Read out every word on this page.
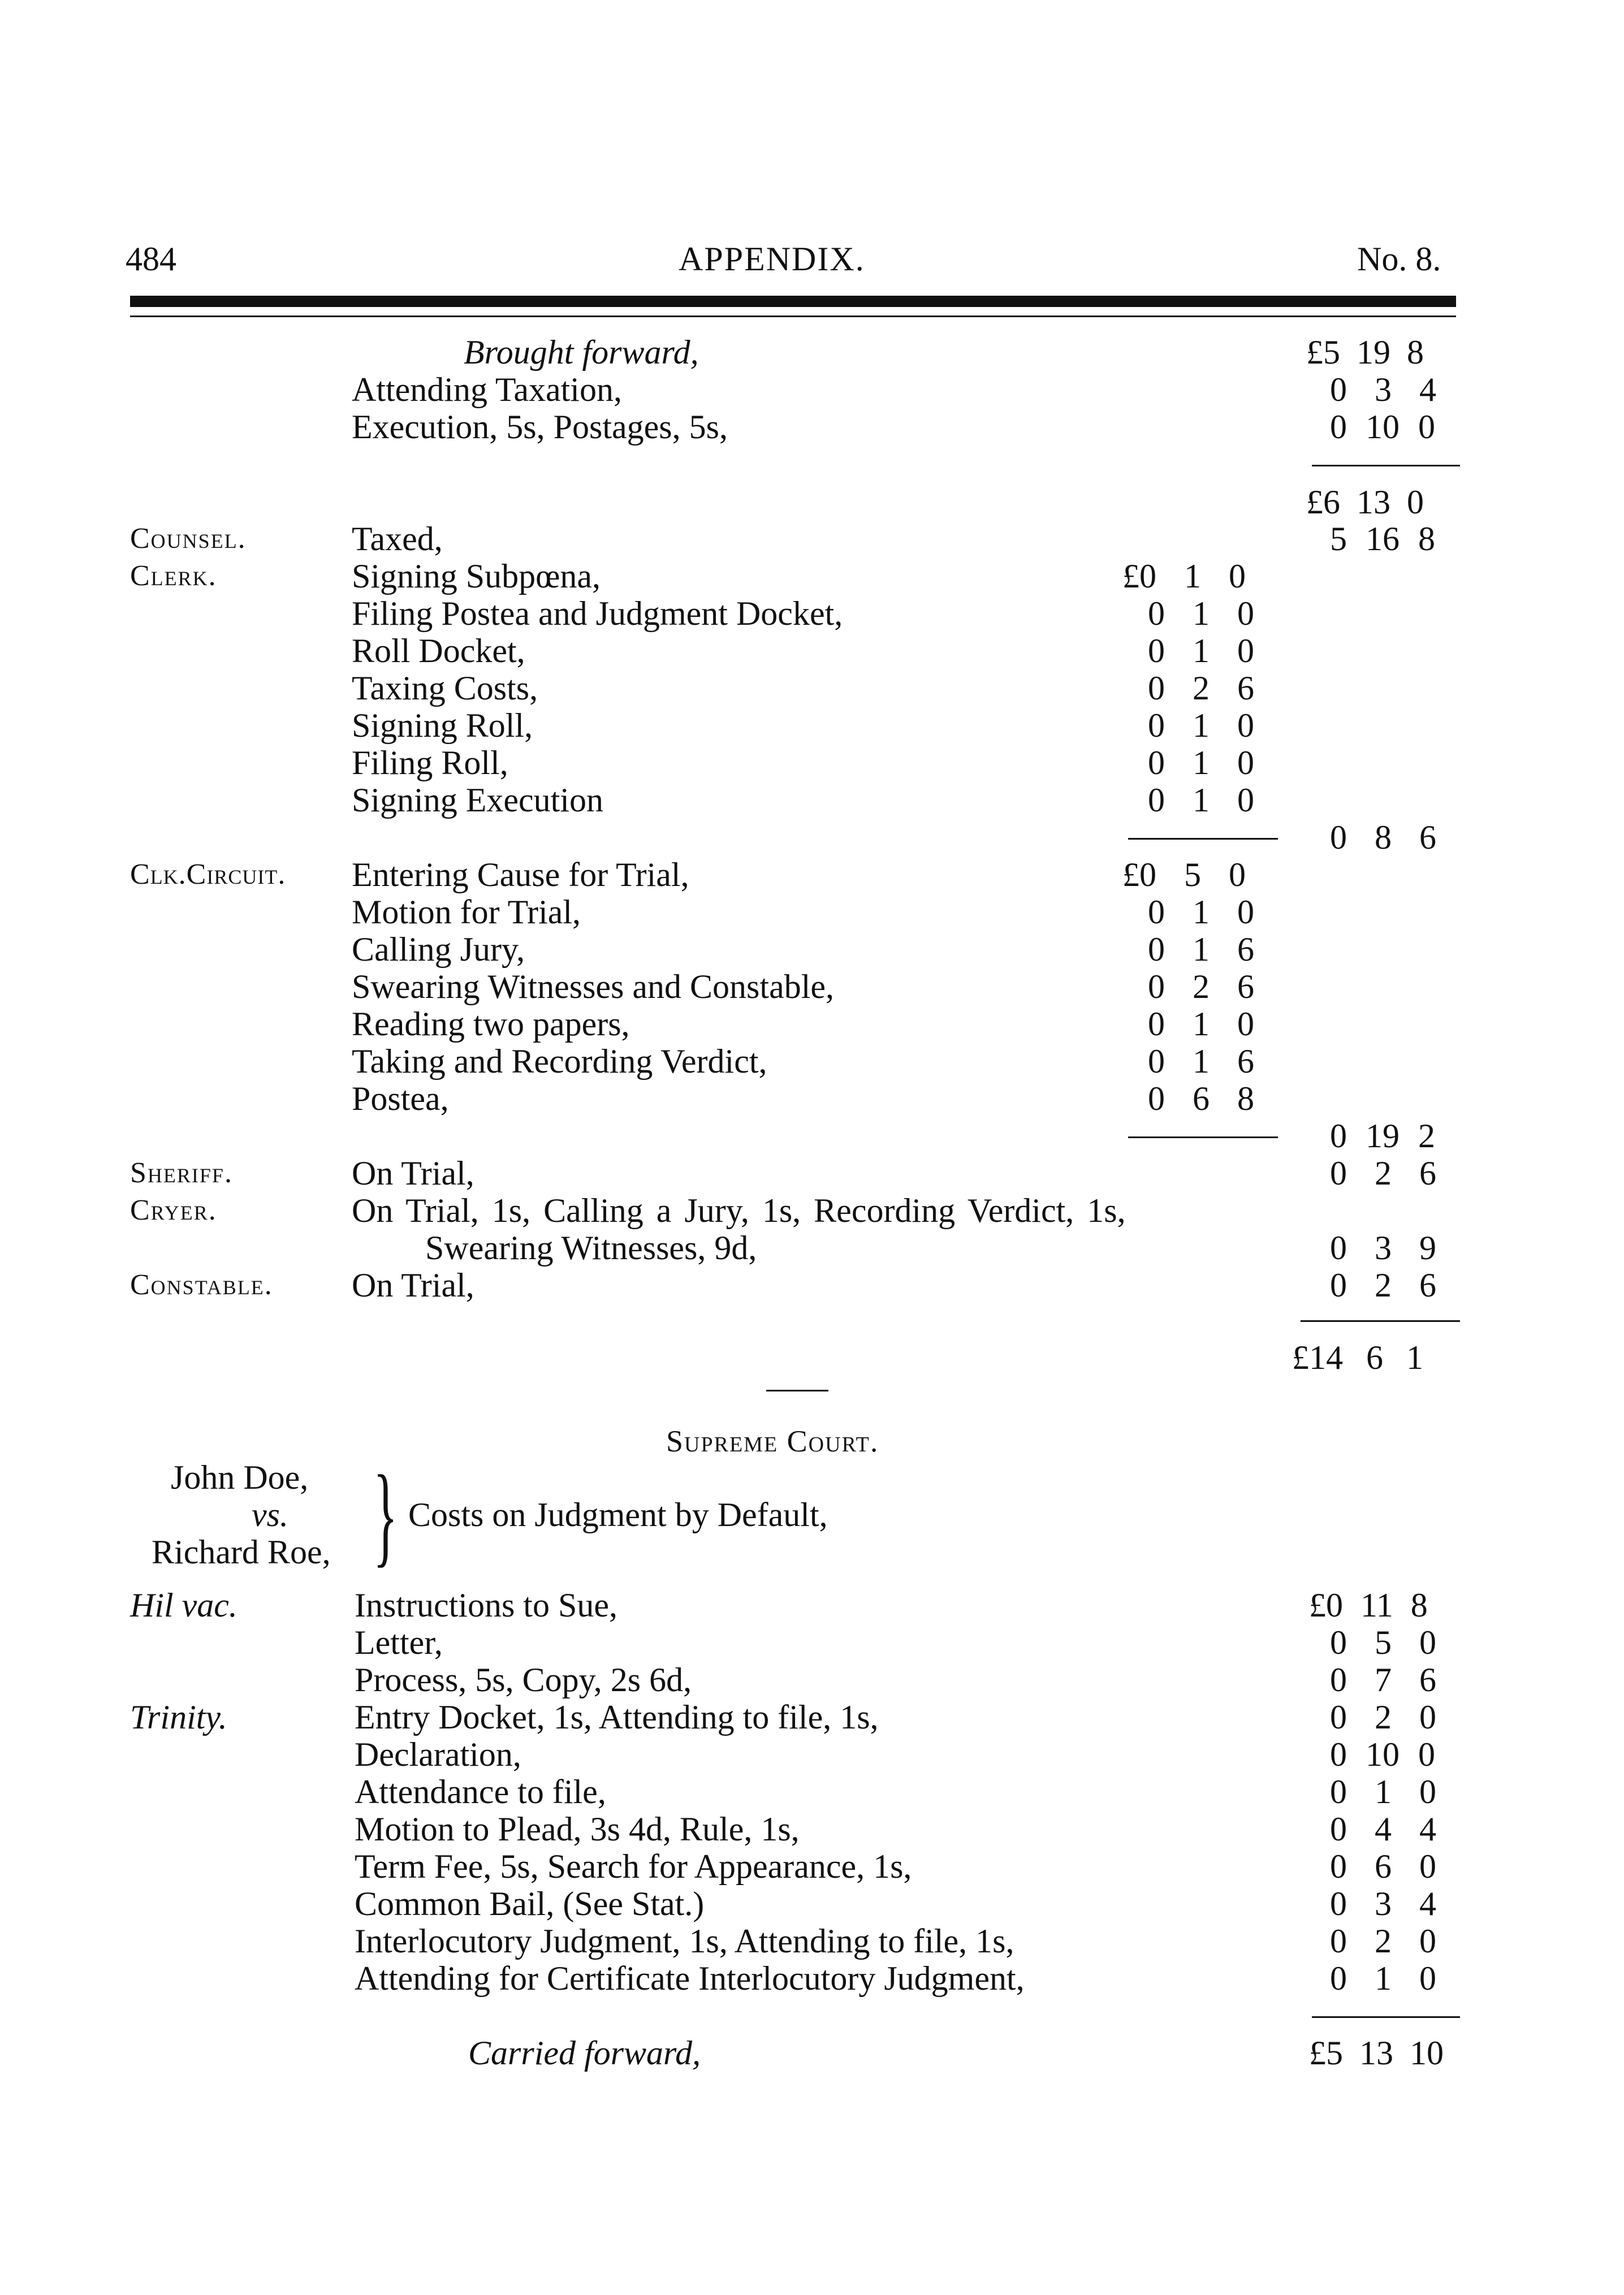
484	APPENDIX.	No. 8.
Brought forward,	£5 19 8
Attending Taxation,	0 3 4
Execution, 5s, Postages, 5s,	0 10 0
£6 13 0
Counsel.	Taxed,	5 16 8
Clerk.	Signing Subpœna,	£0 1 0
Filing Postea and Judgment Docket,	0 1 0
Roll Docket,	0 1 0
Taxing Costs,	0 2 6
Signing Roll,	0 1 0
Filing Roll,	0 1 0
Signing Execution	0 1 0
0 8 6
Clk.Circuit. Entering Cause for Trial,	£0 5 0
Motion for Trial,	0 1 0
Calling Jury,	0 1 6
Swearing Witnesses and Constable,	0 2 6
Reading two papers,	0 1 0
Taking and Recording Verdict,	0 1 6
Postea,	0 6 8
0 19 2
Sheriff.	On Trial,	0 2 6
Cryer.	On Trial, 1s, Calling a Jury, 1s, Recording Verdict, 1s,
Swearing Witnesses, 9d,	0 3 9
Constable. On Trial,	0 2 6
£14 6 1
Supreme Court.
John Doe,
vs.
Richard Roe, } Costs on Judgment by Default,
Hil vac.	Instructions to Sue,	£0 11 8
Letter,	0 5 0
Process, 5s, Copy, 2s 6d,	0 7 6
Trinity.	Entry Docket, 1s, Attending to file, 1s,	0 2 0
Declaration,	0 10 0
Attendance to file,	0 1 0
Motion to Plead, 3s 4d, Rule, 1s,	0 4 4
Term Fee, 5s, Search for Appearance, 1s,	0 6 0
Common Bail, (See Stat.)	0 3 4
Interlocutory Judgment, 1s, Attending to file, 1s,	0 2 0
Attending for Certificate Interlocutory Judgment,	0 1 0
Carried forward,	£5 13 10
